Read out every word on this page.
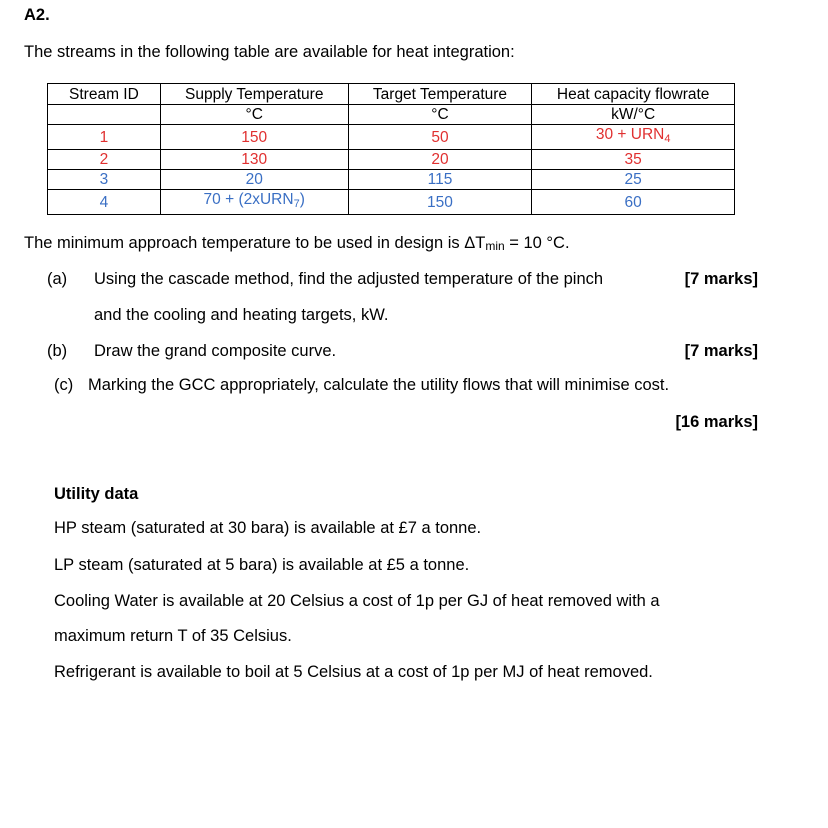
A2.
The streams in the following table are available for heat integration:
Stream ID	Supply Temperature	Target Temperature	Heat capacity flowrate
	°C	°C	kW/°C
1	150	50	$30 + URN_4$
2	130	20	35
3	20	115	25
4	70 + (2xURN$_7$)	150	60
The minimum approach temperature to be used in design is ΔTmin = 10 °C.
(a) Using the cascade method, find the adjusted temperature of the pinch	[7 marks]
and the cooling and heating targets, kW.
(b) Draw the grand composite curve.	[7 marks]
(c) Marking the GCC appropriately, calculate the utility flows that will minimise cost.
[16 marks]
Utility data
HP steam (saturated at 30 bara) is available at £7 a tonne.
LP steam (saturated at 5 bara) is available at £5 a tonne.
Cooling Water is available at 20 Celsius a cost of 1p per GJ of heat removed with a
maximum return T of 35 Celsius.
Refrigerant is available to boil at 5 Celsius at a cost of 1p per MJ of heat removed.
